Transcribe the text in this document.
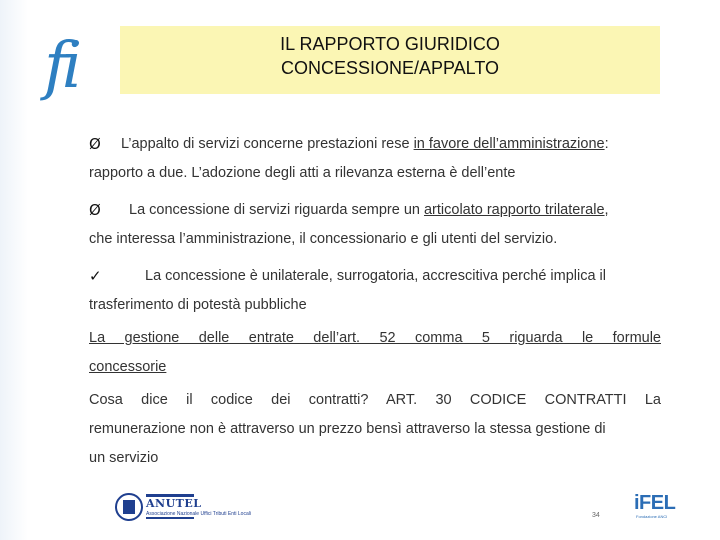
fi	IL RAPPORTO GIURIDICO
CONCESSIONE/APPALTO
Ø	L’appalto di servizi concerne prestazioni rese in favore dell’amministrazione:
rapporto a due. L’adozione degli atti a rilevanza esterna è dell’ente
Ø	La concessione di servizi riguarda sempre un articolato rapporto trilaterale,
che interessa l’amministrazione, il concessionario e gli utenti del servizio.
✓	La concessione è unilaterale, surrogatoria, accrescitiva perché implica il
trasferimento di potestà pubbliche
La gestione delle entrate dell’art. 52 comma 5 riguarda le formule
concessorie
Cosa dice il codice dei contratti? ART. 30 CODICE CONTRATTI La
remunerazione non è attraverso un prezzo bensì attraverso la stessa gestione di
un servizio
ANUTEL
Associazione Nazionale Uffici Tributi Enti Locali	34
iFEL
Fondazione ANCI
